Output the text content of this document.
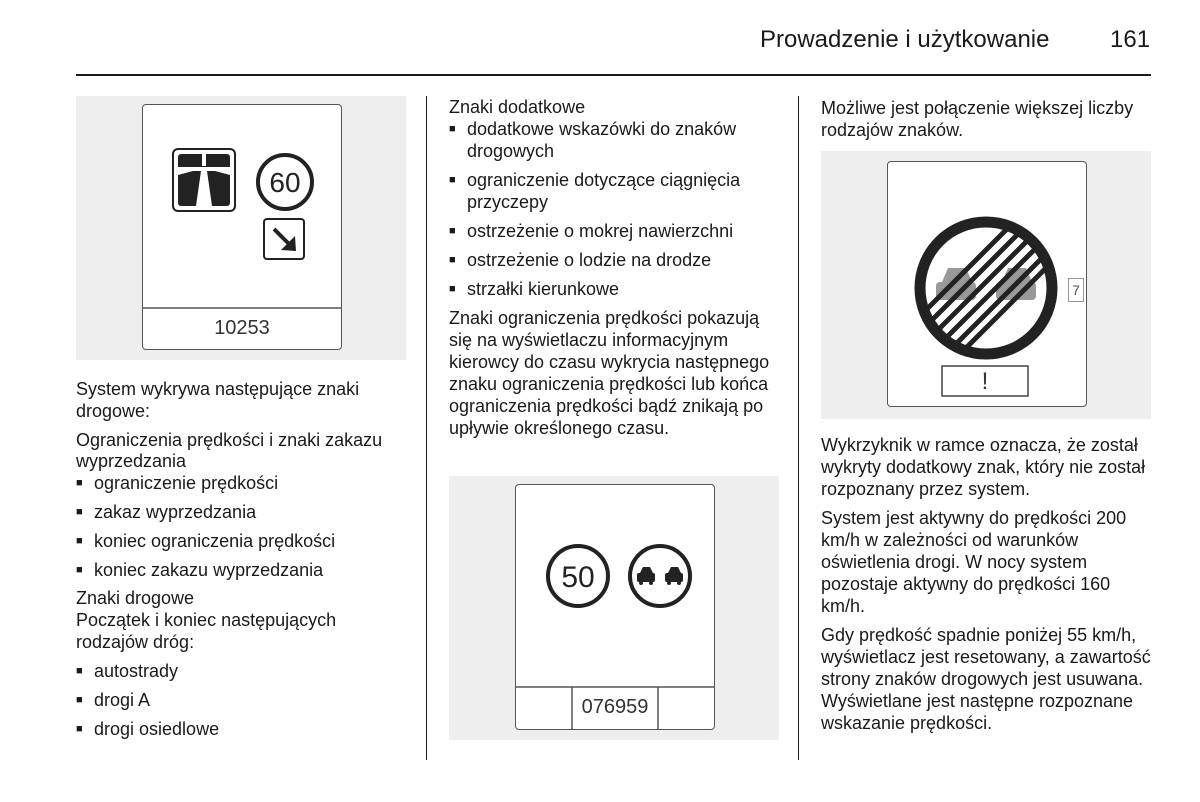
Prowadzenie i użytkowanie	161
60
10253

System wykrywa następujące znaki drogowe:

Ograniczenia prędkości i znaki zakazu wyprzedzania
■ ograniczenie prędkości
■ zakaz wyprzedzania
■ koniec ograniczenia prędkości
■ koniec zakazu wyprzedzania
Znaki drogowe

Początek i koniec następujących rodzajów dróg:

■ autostrady
■ drogi A
■ drogi osiedlowe
Znaki dodatkowe
■ dodatkowe wskazówki do znaków drogowych
■ ograniczenie dotyczące ciągnięcia przyczepy
■ ostrzeżenie o mokrej nawierzchni
■ ostrzeżenie o lodzie na drodze
■ strzałki kierunkowe

Znaki ograniczenia prędkości pokazują się na wyświetlaczu informacyjnym kierowcy do czasu wykrycia następnego znaku ograniczenia prędkości lub końca ograniczenia prędkości bądź znikają po upływie określonego czasu.

50
076959

Możliwe jest połączenie większej liczby rodzajów znaków.

!
7

Wykrzyknik w ramce oznacza, że został wykryty dodatkowy znak, który nie został rozpoznany przez system.

System jest aktywny do prędkości 200 km/h w zależności od warunków oświetlenia drogi. W nocy system pozostaje aktywny do prędkości 160 km/h.

Gdy prędkość spadnie poniżej 55 km/h, wyświetlacz jest resetowany, a zawartość strony znaków drogowych jest usuwana. Wyświetlane jest następne rozpoznane wskazanie prędkości.
